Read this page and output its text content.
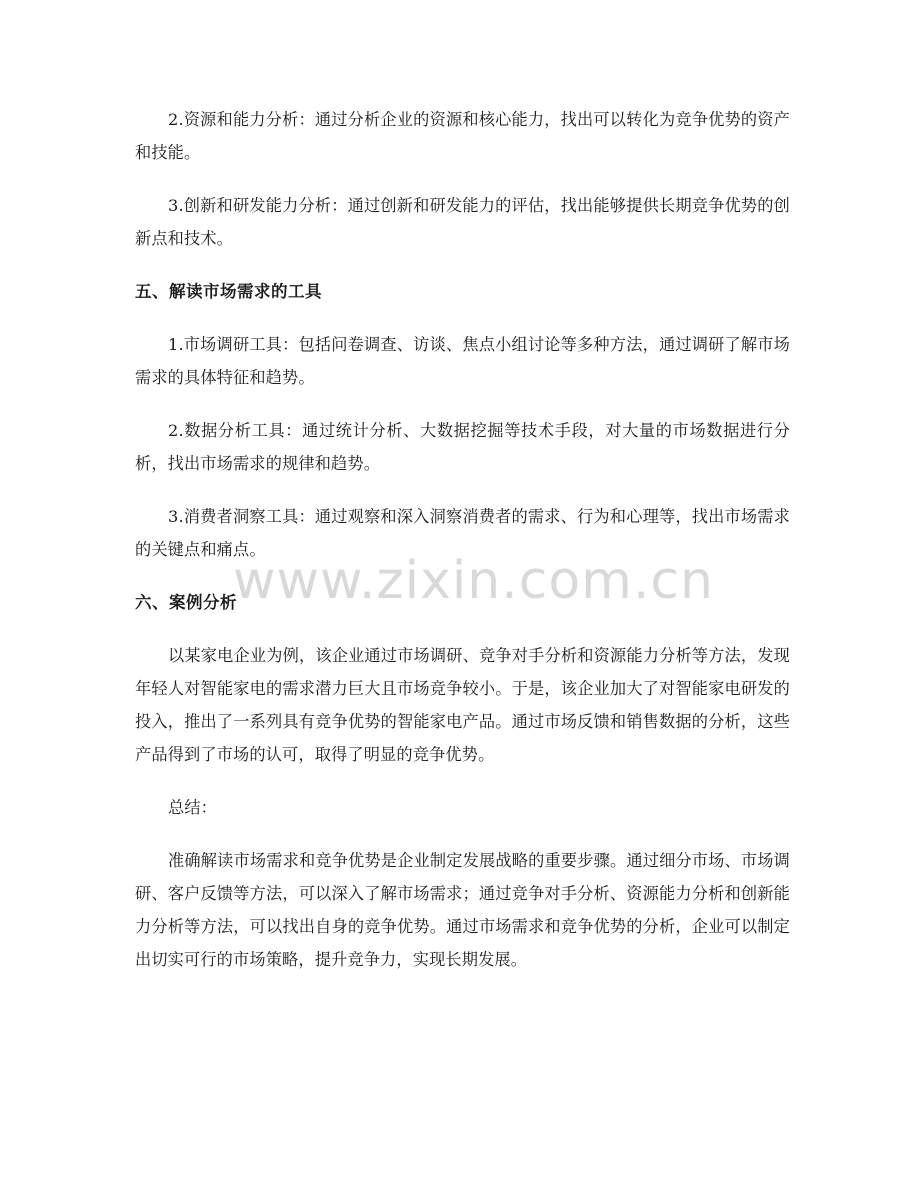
2.资源和能力分析：通过分析企业的资源和核心能力，找出可以转化为竞争优势的资产和技能。

3.创新和研发能力分析：通过创新和研发能力的评估，找出能够提供长期竞争优势的创新点和技术。

五、解读市场需求的工具

1.市场调研工具：包括问卷调查、访谈、焦点小组讨论等多种方法，通过调研了解市场需求的具体特征和趋势。

2.数据分析工具：通过统计分析、大数据挖掘等技术手段，对大量的市场数据进行分析，找出市场需求的规律和趋势。

3.消费者洞察工具：通过观察和深入洞察消费者的需求、行为和心理等，找出市场需求的关键点和痛点。

六、案例分析

以某家电企业为例，该企业通过市场调研、竞争对手分析和资源能力分析等方法，发现年轻人对智能家电的需求潜力巨大且市场竞争较小。于是，该企业加大了对智能家电研发的投入，推出了一系列具有竞争优势的智能家电产品。通过市场反馈和销售数据的分析，这些产品得到了市场的认可，取得了明显的竞争优势。

总结：

准确解读市场需求和竞争优势是企业制定发展战略的重要步骤。通过细分市场、市场调研、客户反馈等方法，可以深入了解市场需求；通过竞争对手分析、资源能力分析和创新能力分析等方法，可以找出自身的竞争优势。通过市场需求和竞争优势的分析，企业可以制定出切实可行的市场策略，提升竞争力，实现长期发展。

www.zixin.com.cn
